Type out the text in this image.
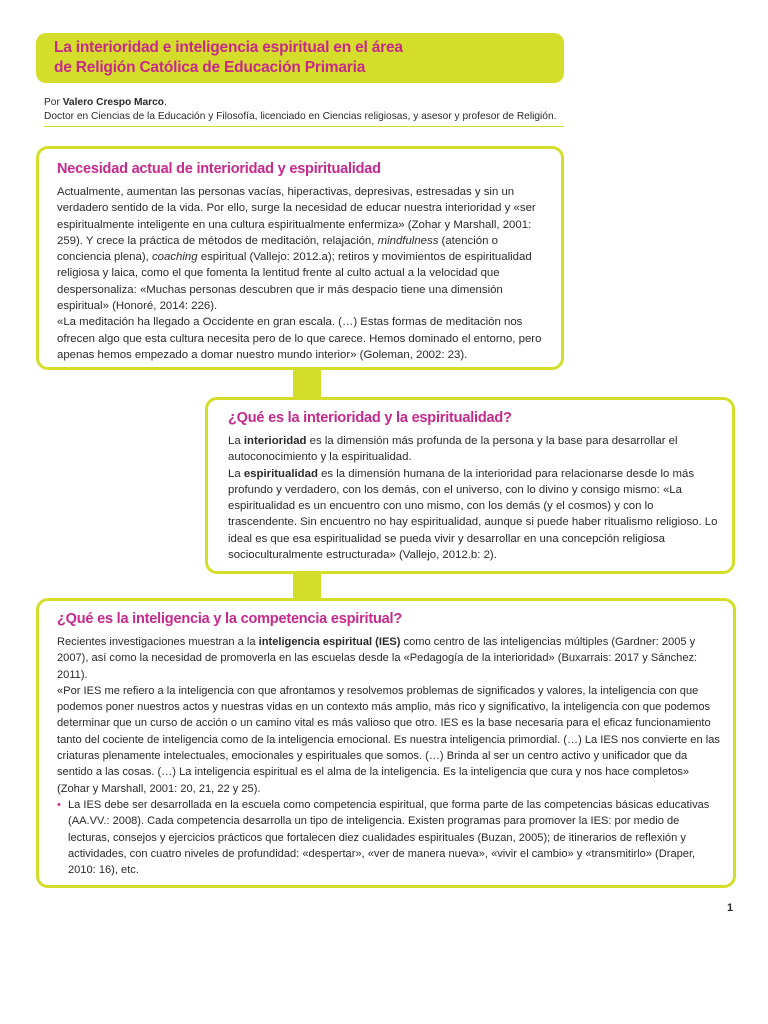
La interioridad e inteligencia espiritual en el área
de Religión Católica de Educación Primaria
Por Valero Crespo Marco.
Doctor en Ciencias de la Educación y Filosofía, licenciado en Ciencias religiosas, y asesor y profesor de Religión.
Necesidad actual de interioridad y espiritualidad

Actualmente, aumentan las personas vacías, hiperactivas, depresivas, estresadas y sin un verdadero sentido de la vida. Por ello, surge la necesidad de educar nuestra interioridad y «ser espiritualmente inteligente en una cultura espiritualmente enfermiza» (Zohar y Marshall, 2001: 259). Y crece la práctica de métodos de meditación, relajación, mindfulness (atención o conciencia plena), coaching espiritual (Vallejo: 2012.a); retiros y movimientos de espiritualidad religiosa y laica, como el que fomenta la lentitud frente al culto actual a la velocidad que despersonaliza: «Muchas personas descubren que ir más despacio tiene una dimensión espiritual» (Honoré, 2014: 226).

«La meditación ha llegado a Occidente en gran escala. (…) Estas formas de meditación nos ofrecen algo que esta cultura necesita pero de lo que carece. Hemos dominado el entorno, pero apenas hemos empezado a domar nuestro mundo interior» (Goleman, 2002: 23).

¿Qué es la interioridad y la espiritualidad?

La interioridad es la dimensión más profunda de la persona y la base para desarrollar el autoconocimiento y la espiritualidad.

La espiritualidad es la dimensión humana de la interioridad para relacionarse desde lo más profundo y verdadero, con los demás, con el universo, con lo divino y consigo mismo: «La espiritualidad es un encuentro con uno mismo, con los demás (y el cosmos) y con lo trascendente. Sin encuentro no hay espiritualidad, aunque si puede haber ritualismo religioso. Lo ideal es que esa espiritualidad se pueda vivir y desarrollar en una concepción religiosa socioculturalmente estructurada» (Vallejo, 2012.b: 2).

¿Qué es la inteligencia y la competencia espiritual?

Recientes investigaciones muestran a la inteligencia espiritual (IES) como centro de las inteligencias múltiples (Gardner: 2005 y 2007), así como la necesidad de promoverla en las escuelas desde la «Pedagogía de la interioridad» (Buxarrais: 2017 y Sánchez: 2011).

«Por IES me refiero a la inteligencia con que afrontamos y resolvemos problemas de significados y valores, la inteligencia con que podemos poner nuestros actos y nuestras vidas en un contexto más amplio, más rico y significativo, la inteligencia con que podemos determinar que un curso de acción o un camino vital es más valioso que otro. IES es la base necesaria para el eficaz funcionamiento tanto del cociente de inteligencia como de la inteligencia emocional. Es nuestra inteligencia primordial. (…) La IES nos convierte en las criaturas plenamente intelectuales, emocionales y espirituales que somos. (…) Brinda al ser un centro activo y unificador que da sentido a las cosas. (…) La inteligencia espiritual es el alma de la inteligencia. Es la inteligencia que cura y nos hace completos» (Zohar y Marshall, 2001: 20, 21, 22 y 25).

• La IES debe ser desarrollada en la escuela como competencia espiritual, que forma parte de las competencias básicas educativas (AA.VV.: 2008). Cada competencia desarrolla un tipo de inteligencia. Existen programas para promover la IES: por medio de lecturas, consejos y ejercicios prácticos que fortalecen diez cualidades espirituales (Buzan, 2005); de itinerarios de reflexión y actividades, con cuatro niveles de profundidad: «despertar», «ver de manera nueva», «vivir el cambio» y «transmitirlo» (Draper, 2010: 16), etc.

1
